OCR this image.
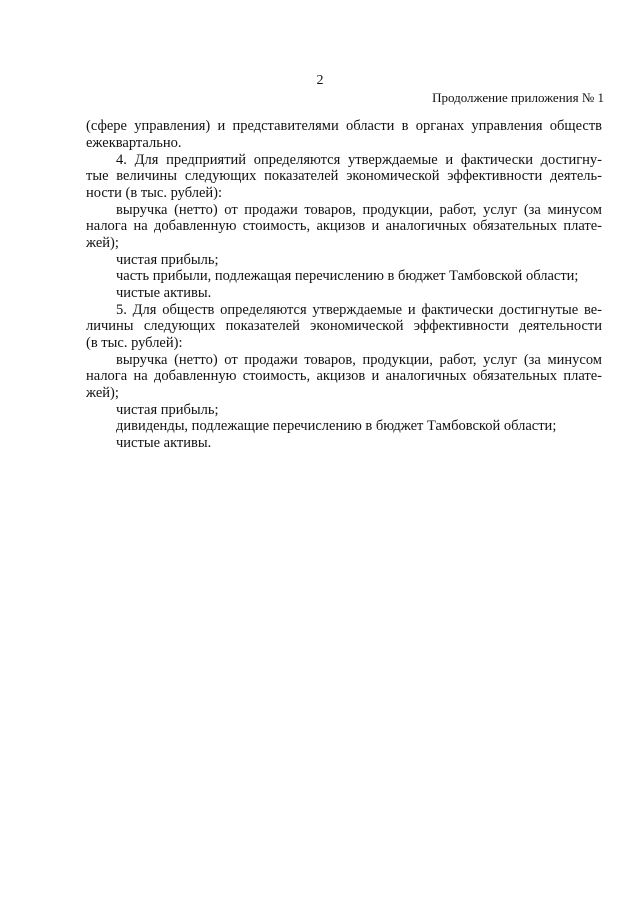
2
Продолжение приложения № 1
(сфере управления) и представителями области в органах управления обществ
ежеквартально.
4. Для предприятий определяются утверждаемые и фактически достигну-
тые величины следующих показателей экономической эффективности деятель-
ности (в тыс. рублей):
выручка (нетто) от продажи товаров, продукции, работ, услуг (за минусом
налога на добавленную стоимость, акцизов и аналогичных обязательных плате-
жей);
чистая прибыль;
часть прибыли, подлежащая перечислению в бюджет Тамбовской области;
чистые активы.
5. Для обществ определяются утверждаемые и фактически достигнутые ве-
личины следующих показателей экономической эффективности деятельности
(в тыс. рублей):
выручка (нетто) от продажи товаров, продукции, работ, услуг (за минусом
налога на добавленную стоимость, акцизов и аналогичных обязательных плате-
жей);
чистая прибыль;
дивиденды, подлежащие перечислению в бюджет Тамбовской области;
чистые активы.
